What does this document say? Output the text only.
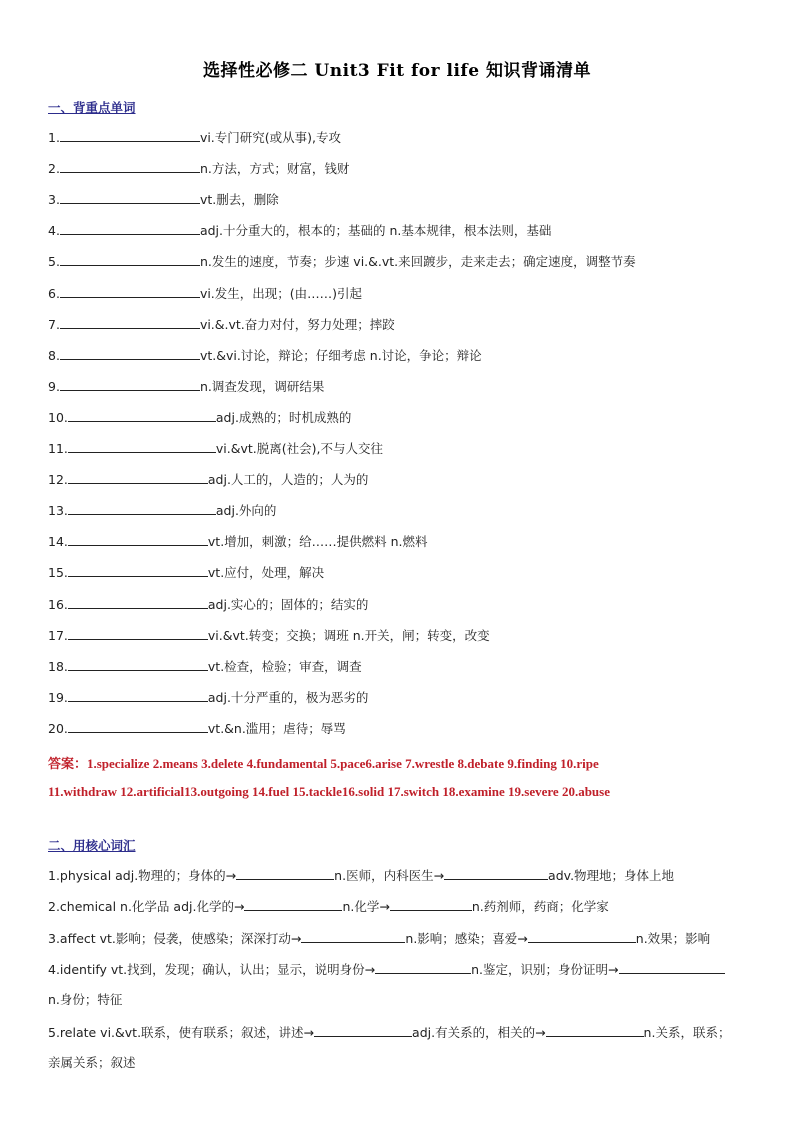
选择性必修二 Unit3 Fit for life 知识背诵清单
一、背重点单词
1.	vi.专门研究(或从事),专攻
2.	n.方法，方式；财富，钱财
3.	vt.删去，删除
4.	adj.十分重大的，根本的；基础的 n.基本规律，根本法则，基础
5.	n.发生的速度，节奏；步速 vi.&.vt.来回踱步，走来走去；确定速度，调整节奏
6.	vi.发生，出现；(由……)引起
7.	vi.&.vt.奋力对付，努力处理；摔跤
8.	vt.&vi.讨论，辩论；仔细考虑 n.讨论，争论；辩论
9.	n.调查发现，调研结果
10.	adj.成熟的；时机成熟的
11.	vi.&vt.脱离(社会),不与人交往
12.	adj.人工的，人造的；人为的
13.	adj.外向的
14.	vt.增加，刺激；给……提供燃料 n.燃料
15.	vt.应付，处理，解决
16.	adj.实心的；固体的；结实的
17.	vi.&vt.转变；交换；调班 n.开关，闸；转变，改变
18.	vt.检查，检验；审查，调查
19.	adj.十分严重的，极为恶劣的
20.	vt.&n.滥用；虐待；辱骂
答案：1.specialize 2.means 3.delete 4.fundamental 5.pace6.arise 7.wrestle 8.debate 9.finding 10.ripe
11.withdraw 12.artificial13.outgoing 14.fuel 15.tackle16.solid 17.switch 18.examine 19.severe 20.abuse
二、用核心词汇
1.physical adj.物理的；身体的→	n.医师，内科医生→	adv.物理地；身体上地
2.chemical n.化学品 adj.化学的→	n.化学→	n.药剂师，药商；化学家
3.affect vt.影响；侵袭，使感染；深深打动→	n.影响；感染；喜爱→	n.效果；影响
4.identify vt.找到，发现；确认，认出；显示，说明身份→	n.鉴定，识别；身份证明→
n.身份；特征
5.relate vi.&vt.联系，使有联系；叙述，讲述→	adj.有关系的，相关的→	n.关系，联系；
亲属关系；叙述
